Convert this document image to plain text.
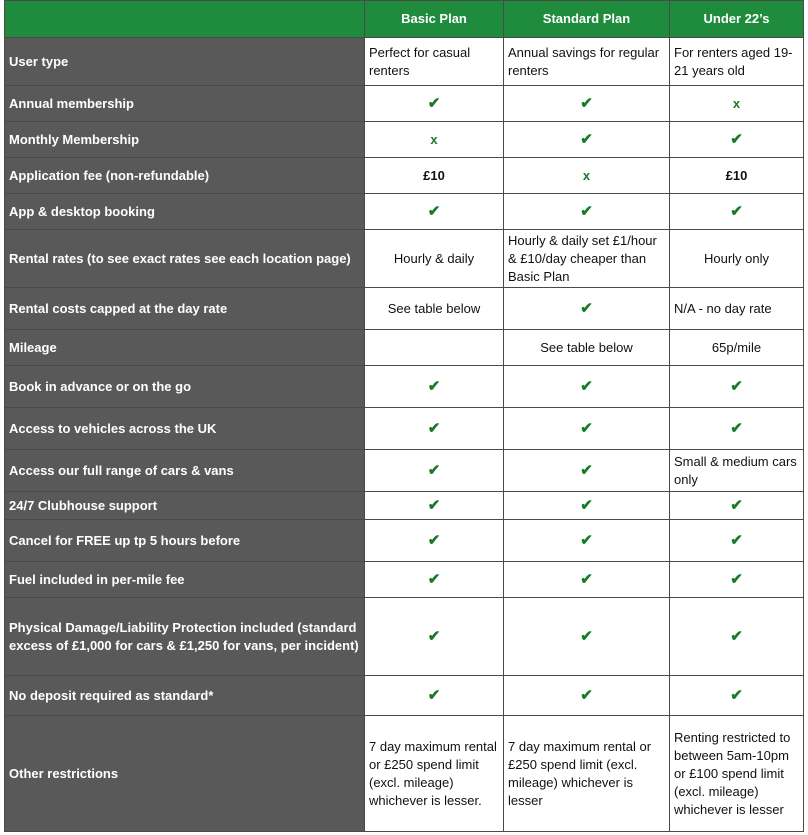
	Basic Plan	Standard Plan	Under 22’s
User type	Perfect for casual renters	Annual savings for regular renters	For renters aged 19-21 years old
Annual membership	✔	✔	x
Monthly Membership	x	✔	✔
Application fee (non-refundable)	£10	x	£10
App & desktop booking	✔	✔	✔
Rental rates (to see exact rates see each location page)	Hourly & daily	Hourly & daily set £1/hour & £10/day cheaper than Basic Plan	Hourly only
Rental costs capped at the day rate	See table below	✔	N/A - no day rate
Mileage		See table below	65p/mile
Book in advance or on the go	✔	✔	✔
Access to vehicles across the UK	✔	✔	✔
Access our full range of cars & vans	✔	✔	Small & medium cars only
24/7 Clubhouse support	✔	✔	✔
Cancel for FREE up tp 5 hours before	✔	✔	✔
Fuel included in per-mile fee	✔	✔	✔
Physical Damage/Liability Protection included (standard excess of £1,000 for cars & £1,250 for vans, per incident)	✔	✔	✔
No deposit required as standard*	✔	✔	✔
Other restrictions	7 day maximum rental or £250 spend limit (excl. mileage) whichever is lesser.	7 day maximum rental or £250 spend limit (excl. mileage) whichever is lesser	Renting restricted to between 5am-10pm or £100 spend limit (excl. mileage) whichever is lesser
